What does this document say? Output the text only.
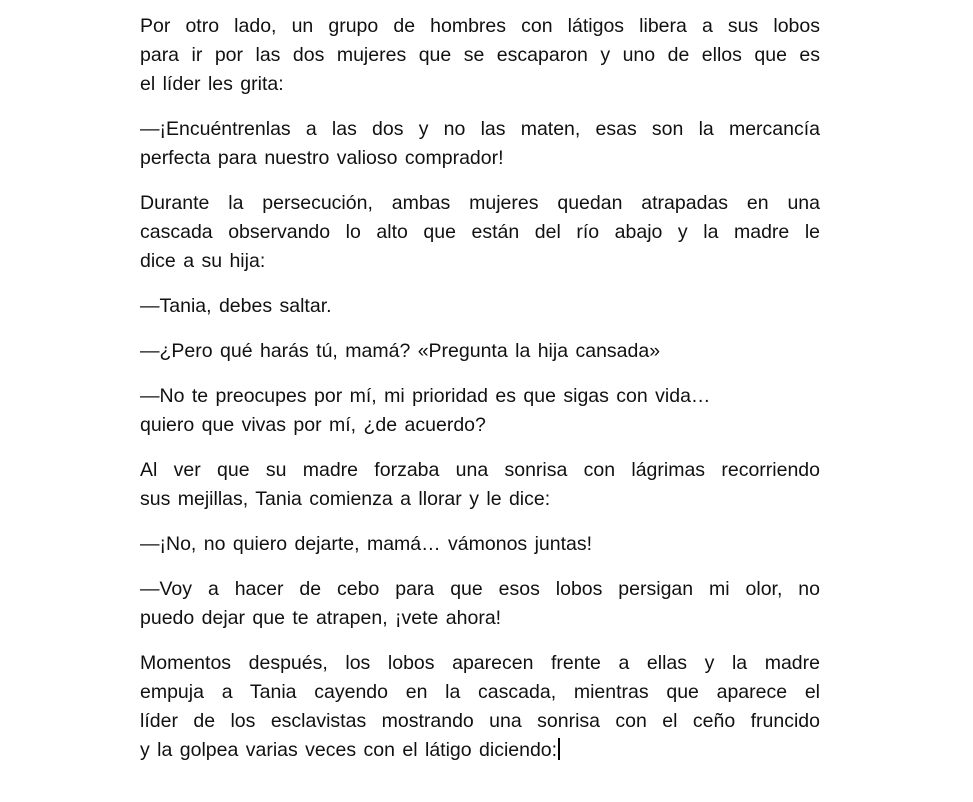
Por otro lado, un grupo de hombres con látigos libera a sus lobos
para ir por las dos mujeres que se escaparon y uno de ellos que es
el líder les grita:

—¡Encuéntrenlas a las dos y no las maten, esas son la mercancía
perfecta para nuestro valioso comprador!

Durante la persecución, ambas mujeres quedan atrapadas en una
cascada observando lo alto que están del río abajo y la madre le
dice a su hija:

—Tania, debes saltar.

—¿Pero qué harás tú, mamá? «Pregunta la hija cansada»

—No te preocupes por mí, mi prioridad es que sigas con vida…
quiero que vivas por mí, ¿de acuerdo?

Al ver que su madre forzaba una sonrisa con lágrimas recorriendo
sus mejillas, Tania comienza a llorar y le dice:

—¡No, no quiero dejarte, mamá… vámonos juntas!

—Voy a hacer de cebo para que esos lobos persigan mi olor, no
puedo dejar que te atrapen, ¡vete ahora!

Momentos después, los lobos aparecen frente a ellas y la madre
empuja a Tania cayendo en la cascada, mientras que aparece el
líder de los esclavistas mostrando una sonrisa con el ceño fruncido
y la golpea varias veces con el látigo diciendo:
